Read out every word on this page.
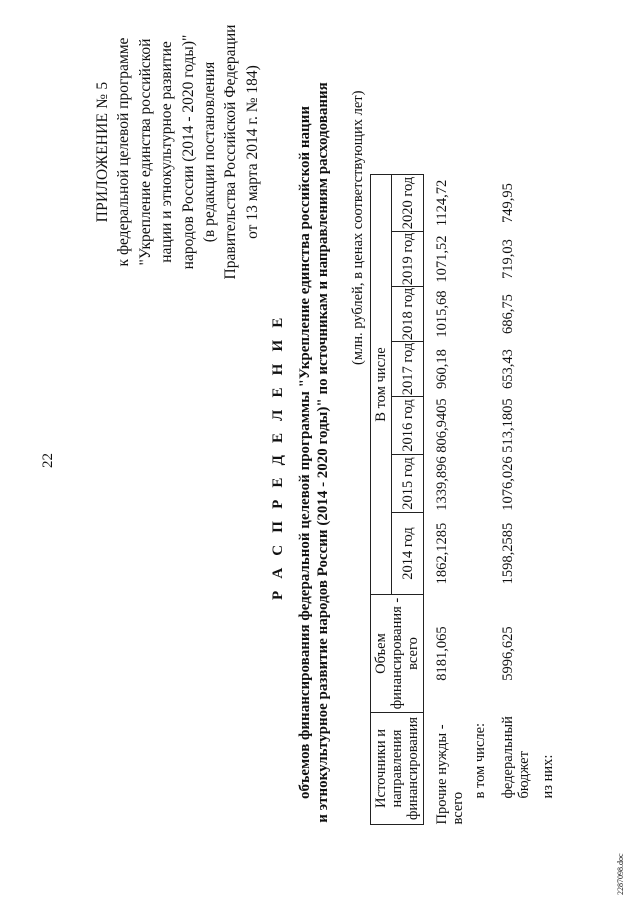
22
ПРИЛОЖЕНИЕ № 5 к федеральной целевой программе "Укрепление единства российской нации и этнокультурное развитие народов России (2014 - 2020 годы)" (в редакции постановления Правительства Российской Федерации от 13 марта 2014 г. № 184)
Р А С П Р Е Д Е Л Е Н И Е объемов финансирования федеральной целевой программы "Укрепление единства российской нации и этнокультурное развитие народов России (2014 - 2020 годы)" по источникам и направлениям расходования (млн. рублей, в ценах соответствующих лет)
Источники и направления финансирования	Объем финансирования - всего	В том числе						
		2014 год	2015 год	2016 год	2017 год	2018 год	2019 год	2020 год
Прочие нужды - всего	8181,065	1862,1285	1339,896	806,9405	960,18	1015,68	1071,52	1124,72
в том числе:								
федеральный бюджет	5996,625	1598,2585	1076,026	513,1805	653,43	686,75	719,03	749,95
из них:								
2287098.doc
